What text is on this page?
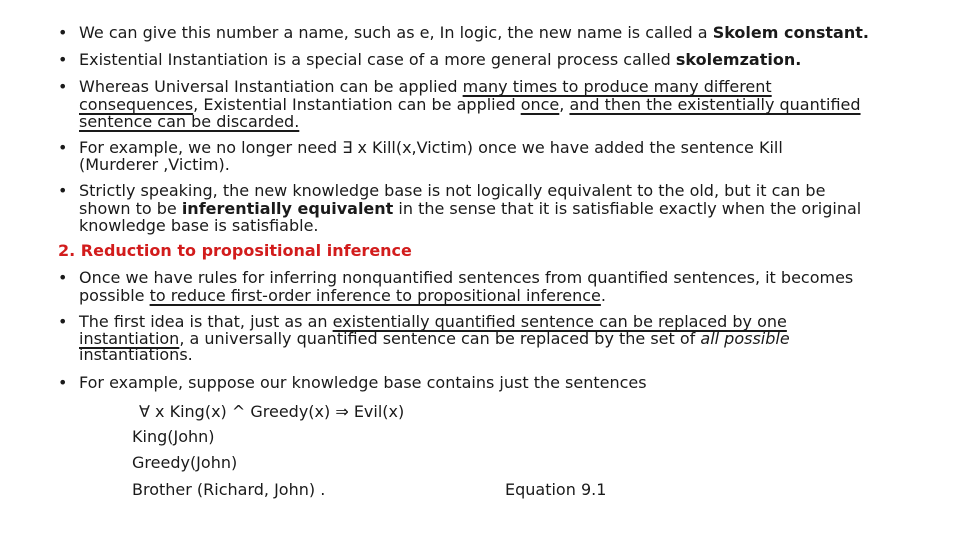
• We can give this number a name, such as e, In logic, the new name is called a Skolem constant.
• Existential Instantiation is a special case of a more general process called skolemzation.
• Whereas Universal Instantiation can be applied many times to produce many different
consequences, Existential Instantiation can be applied once, and then the existentially quantified
sentence can be discarded.
• For example, we no longer need ∃ x Kill(x,Victim) once we have added the sentence Kill
(Murderer ,Victim).
• Strictly speaking, the new knowledge base is not logically equivalent to the old, but it can be
shown to be inferentially equivalent in the sense that it is satisfiable exactly when the original
knowledge base is satisfiable.
2. Reduction to propositional inference
• Once we have rules for inferring nonquantified sentences from quantified sentences, it becomes
possible to reduce first-order inference to propositional inference.
• The first idea is that, just as an existentially quantified sentence can be replaced by one
instantiation, a universally quantified sentence can be replaced by the set of all possible
instantiations.
• For example, suppose our knowledge base contains just the sentences
∀ x King(x) ^ Greedy(x) ⇒ Evil(x)
King(John)
Greedy(John)
Brother (Richard, John) .	Equation 9.1
